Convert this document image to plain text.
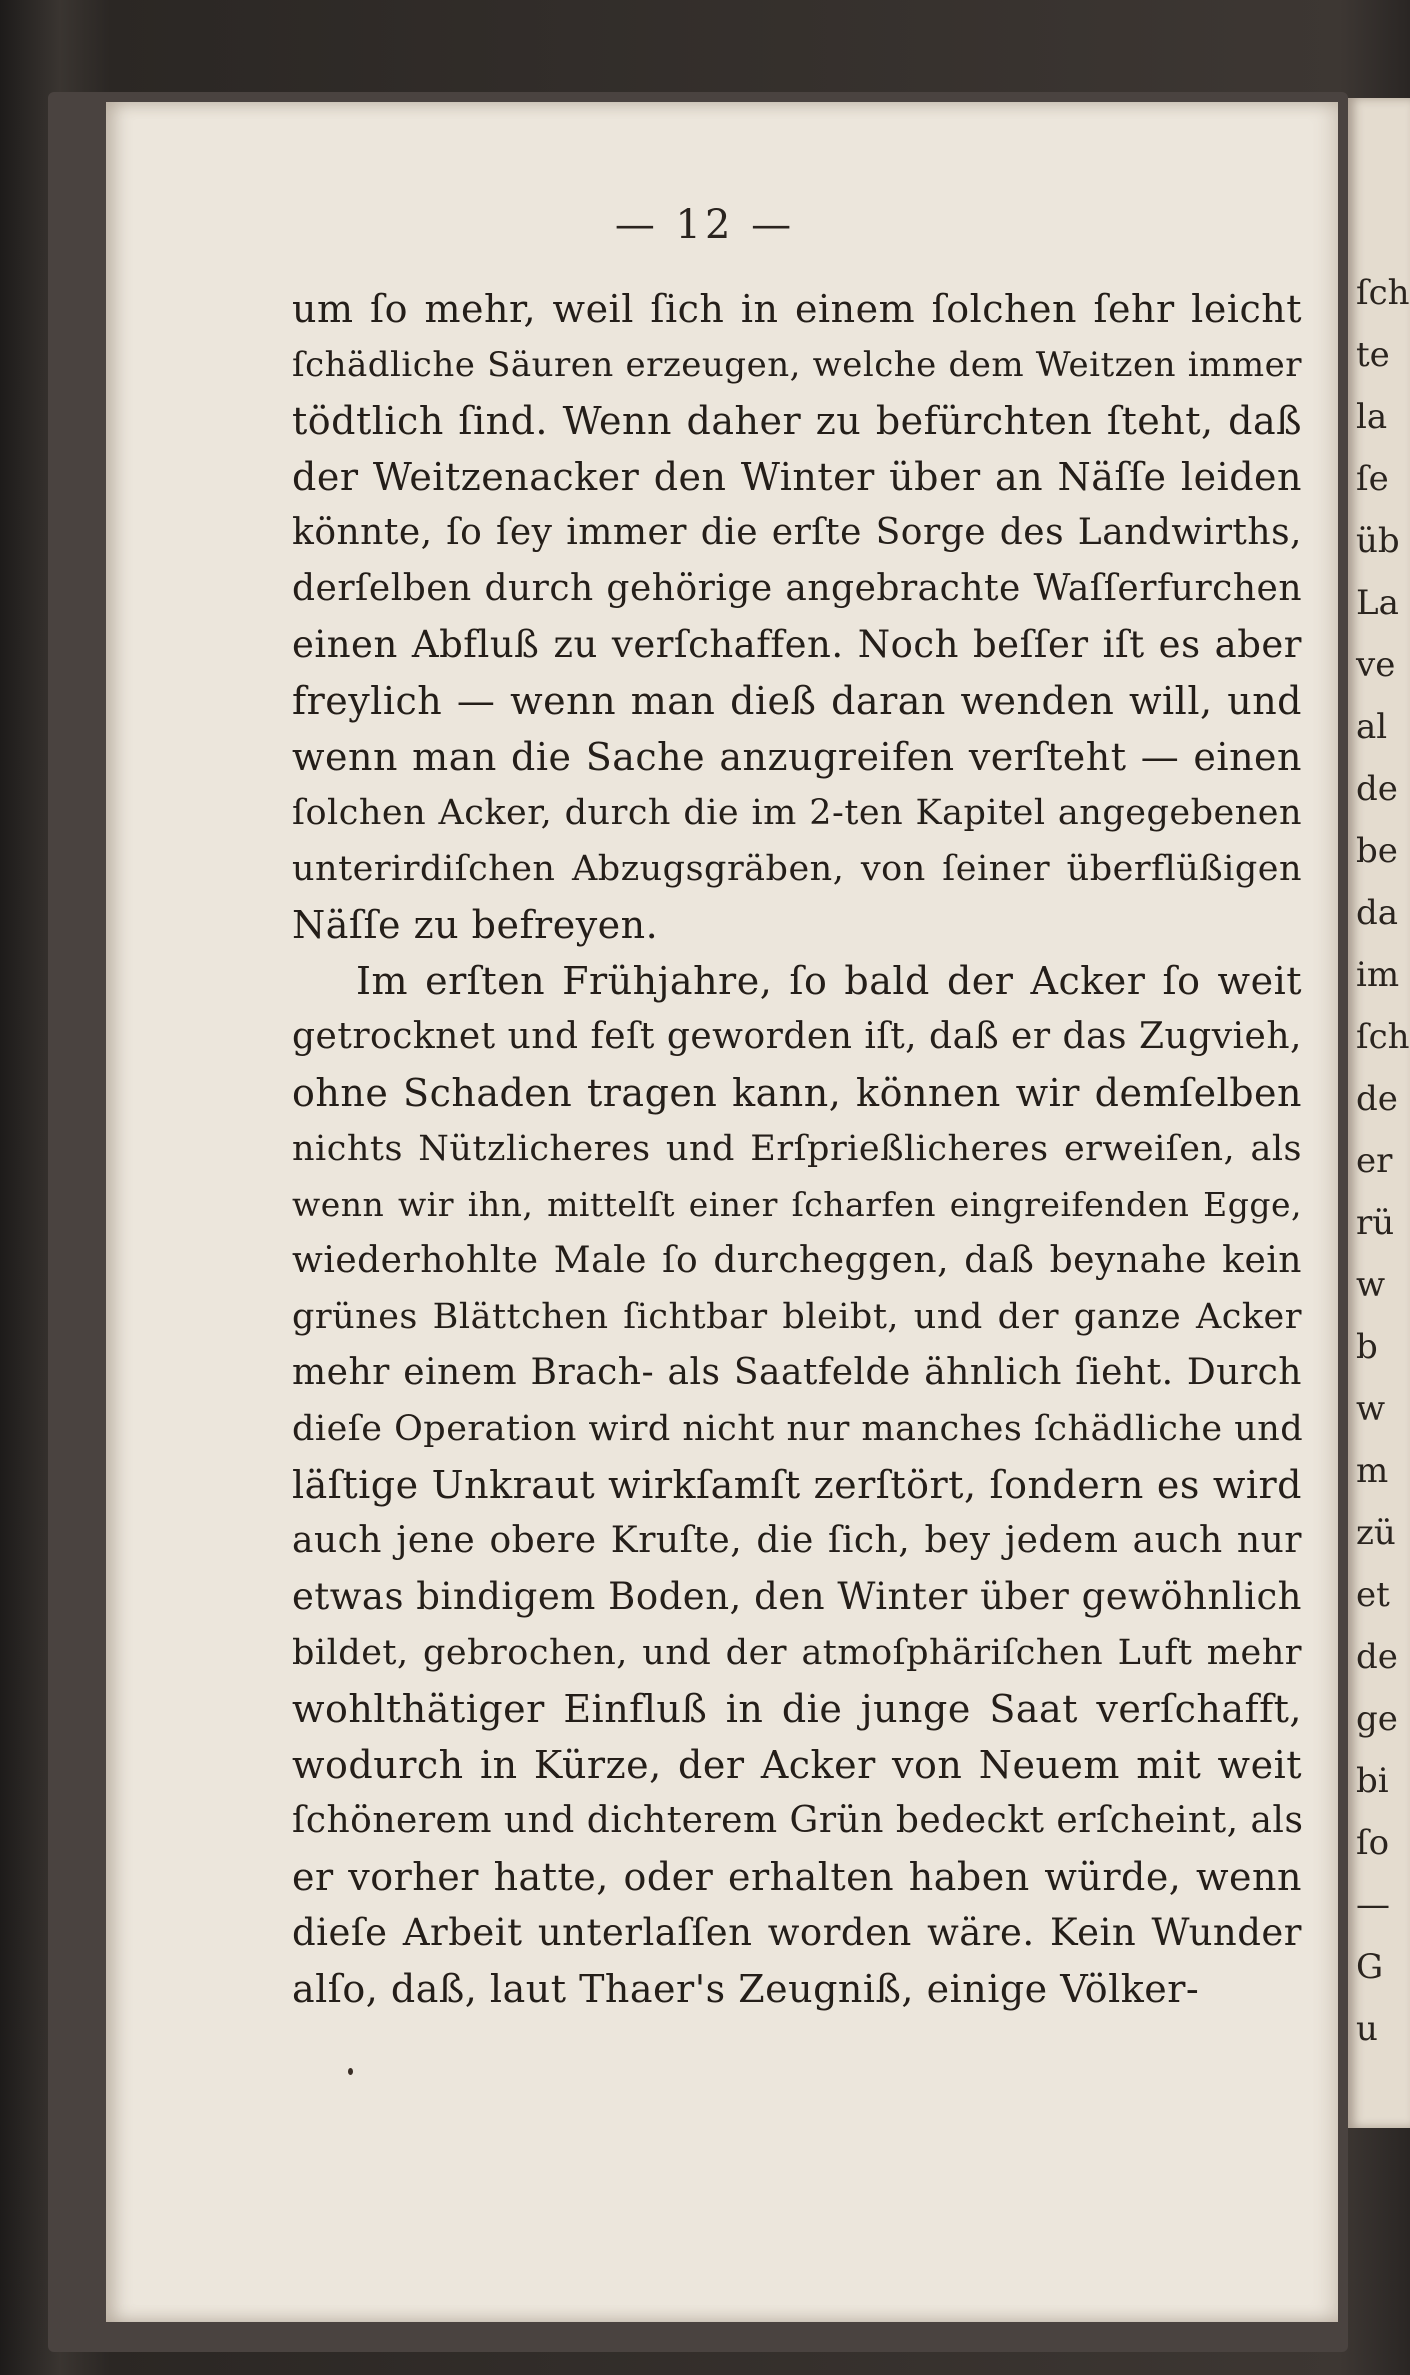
ſch
te
la
ſe
üb
La
ve
al
de
be
da
im
ſch
de
er
rü
w
b
w
m
zü
et
de
ge
bi
ſo
—
G
u
— 12 —
um ſo mehr, weil ſich in einem ſolchen ſehr leicht
ſchädliche Säuren erzeugen, welche dem Weitzen immer
tödtlich ſind. Wenn daher zu befürchten ſteht, daß
der Weitzenacker den Winter über an Näſſe leiden
könnte, ſo ſey immer die erſte Sorge des Landwirths,
derſelben durch gehörige angebrachte Waſſerfurchen
einen Abfluß zu verſchaffen. Noch beſſer iſt es aber
freylich — wenn man dieß daran wenden will, und
wenn man die Sache anzugreifen verſteht — einen
ſolchen Acker, durch die im 2-ten Kapitel angegebenen
unterirdiſchen Abzugsgräben, von ſeiner überflüßigen
Näſſe zu befreyen.
Im erſten Frühjahre, ſo bald der Acker ſo weit
getrocknet und feſt geworden iſt, daß er das Zugvieh,
ohne Schaden tragen kann, können wir demſelben
nichts Nützlicheres und Erſprießlicheres erweiſen, als
wenn wir ihn, mittelſt einer ſcharfen eingreifenden Egge,
wiederhohlte Male ſo durcheggen, daß beynahe kein
grünes Blättchen ſichtbar bleibt, und der ganze Acker
mehr einem Brach- als Saatfelde ähnlich ſieht. Durch
dieſe Operation wird nicht nur manches ſchädliche und
läſtige Unkraut wirkſamſt zerſtört, ſondern es wird
auch jene obere Kruſte, die ſich, bey jedem auch nur
etwas bindigem Boden, den Winter über gewöhnlich
bildet, gebrochen, und der atmoſphäriſchen Luft mehr
wohlthätiger Einfluß in die junge Saat verſchafft,
wodurch in Kürze, der Acker von Neuem mit weit
ſchönerem und dichterem Grün bedeckt erſcheint, als
er vorher hatte, oder erhalten haben würde, wenn
dieſe Arbeit unterlaſſen worden wäre. Kein Wunder
alſo, daß, laut Thaer's Zeugniß, einige Völker-
